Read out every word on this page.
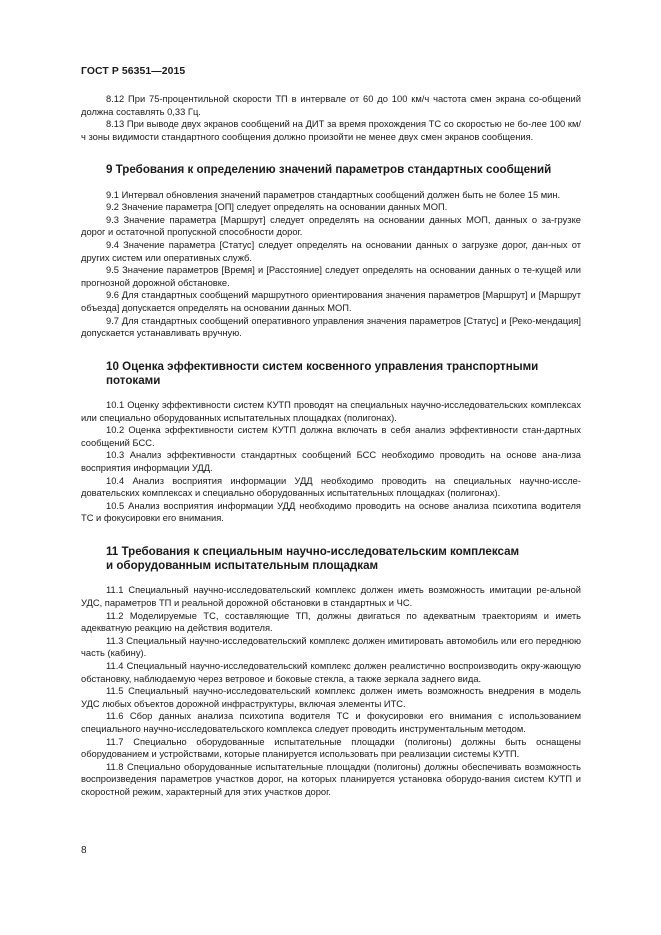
ГОСТ Р 56351—2015

8.12 При 75-процентильной скорости ТП в интервале от 60 до 100 км/ч частота смен экрана со-общений должна составлять 0,33 Гц.

8.13 При выводе двух экранов сообщений на ДИТ за время прохождения ТС со скоростью не бо-лее 100 км/ч зоны видимости стандартного сообщения должно произойти не менее двух смен экранов сообщения.

9 Требования к определению значений параметров стандартных сообщений

9.1 Интервал обновления значений параметров стандартных сообщений должен быть не более 15 мин.

9.2 Значение параметра [ОП] следует определять на основании данных МОП.

9.3 Значение параметра [Маршрут] следует определять на основании данных МОП, данных о за-грузке дорог и остаточной пропускной способности дорог.

9.4 Значение параметра [Статус] следует определять на основании данных о загрузке дорог, дан-ных от других систем или оперативных служб.

9.5 Значение параметров [Время] и [Расстояние] следует определять на основании данных о те-кущей или прогнозной дорожной обстановке.

9.6 Для стандартных сообщений маршрутного ориентирования значения параметров [Маршрут] и [Маршрут объезда] допускается определять на основании данных МОП.

9.7 Для стандартных сообщений оперативного управления значения параметров [Статус] и [Реко-мендация] допускается устанавливать вручную.

10 Оценка эффективности систем косвенного управления транспортными
потоками

10.1 Оценку эффективности систем КУТП проводят на специальных научно-исследовательских комплексах или специально оборудованных испытательных площадках (полигонах).

10.2 Оценка эффективности систем КУТП должна включать в себя анализ эффективности стан-дартных сообщений БСС.

10.3 Анализ эффективности стандартных сообщений БСС необходимо проводить на основе ана-лиза восприятия информации УДД.

10.4 Анализ восприятия информации УДД необходимо проводить на специальных научно-иссле-довательских комплексах и специально оборудованных испытательных площадках (полигонах).

10.5 Анализ восприятия информации УДД необходимо проводить на основе анализа психотипа водителя ТС и фокусировки его внимания.

11 Требования к специальным научно-исследовательским комплексам
и оборудованным испытательным площадкам

11.1 Специальный научно-исследовательский комплекс должен иметь возможность имитации ре-альной УДС, параметров ТП и реальной дорожной обстановки в стандартных и ЧС.

11.2 Моделируемые ТС, составляющие ТП, должны двигаться по адекватным траекториям и иметь адекватную реакцию на действия водителя.

11.3 Специальный научно-исследовательский комплекс должен имитировать автомобиль или его переднюю часть (кабину).

11.4 Специальный научно-исследовательский комплекс должен реалистично воспроизводить окру-жающую обстановку, наблюдаемую через ветровое и боковые стекла, а также зеркала заднего вида.

11.5 Специальный научно-исследовательский комплекс должен иметь возможность внедрения в модель УДС любых объектов дорожной инфраструктуры, включая элементы ИТС.

11.6 Сбор данных анализа психотипа водителя ТС и фокусировки его внимания с использованием специального научно-исследовательского комплекса следует проводить инструментальным методом.

11.7 Специально оборудованные испытательные площадки (полигоны) должны быть оснащены оборудованием и устройствами, которые планируется использовать при реализации системы КУТП.

11.8 Специально оборудованные испытательные площадки (полигоны) должны обеспечивать возможность воспроизведения параметров участков дорог, на которых планируется установка оборудо-вания систем КУТП и скоростной режим, характерный для этих участков дорог.

8
